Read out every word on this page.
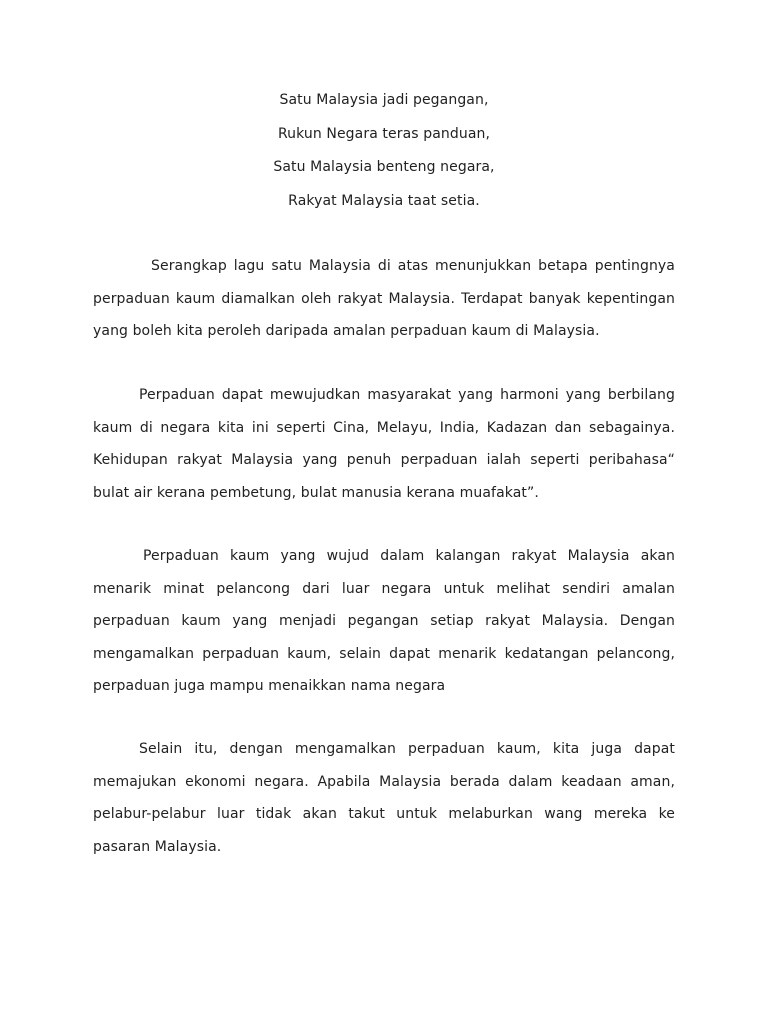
Satu Malaysia jadi pegangan,
Rukun Negara teras panduan,
Satu Malaysia benteng negara,
Rakyat Malaysia taat setia.

Serangkap lagu satu Malaysia di atas menunjukkan betapa pentingnya perpaduan kaum diamalkan oleh rakyat Malaysia. Terdapat banyak kepentingan yang boleh kita peroleh daripada amalan perpaduan kaum di Malaysia.

Perpaduan dapat mewujudkan masyarakat yang harmoni yang berbilang kaum di negara kita ini seperti Cina, Melayu, India, Kadazan dan sebagainya. Kehidupan rakyat Malaysia yang penuh perpaduan ialah seperti peribahasa“ bulat air kerana pembetung, bulat manusia kerana muafakat”.

Perpaduan kaum yang wujud dalam kalangan rakyat Malaysia akan menarik minat pelancong dari luar negara untuk melihat sendiri amalan perpaduan kaum yang menjadi pegangan setiap rakyat Malaysia. Dengan mengamalkan perpaduan kaum, selain dapat menarik kedatangan pelancong, perpaduan juga mampu menaikkan nama negara

Selain itu, dengan mengamalkan perpaduan kaum, kita juga dapat memajukan ekonomi negara. Apabila Malaysia berada dalam keadaan aman, pelabur-pelabur luar tidak akan takut untuk melaburkan wang mereka ke pasaran Malaysia.
